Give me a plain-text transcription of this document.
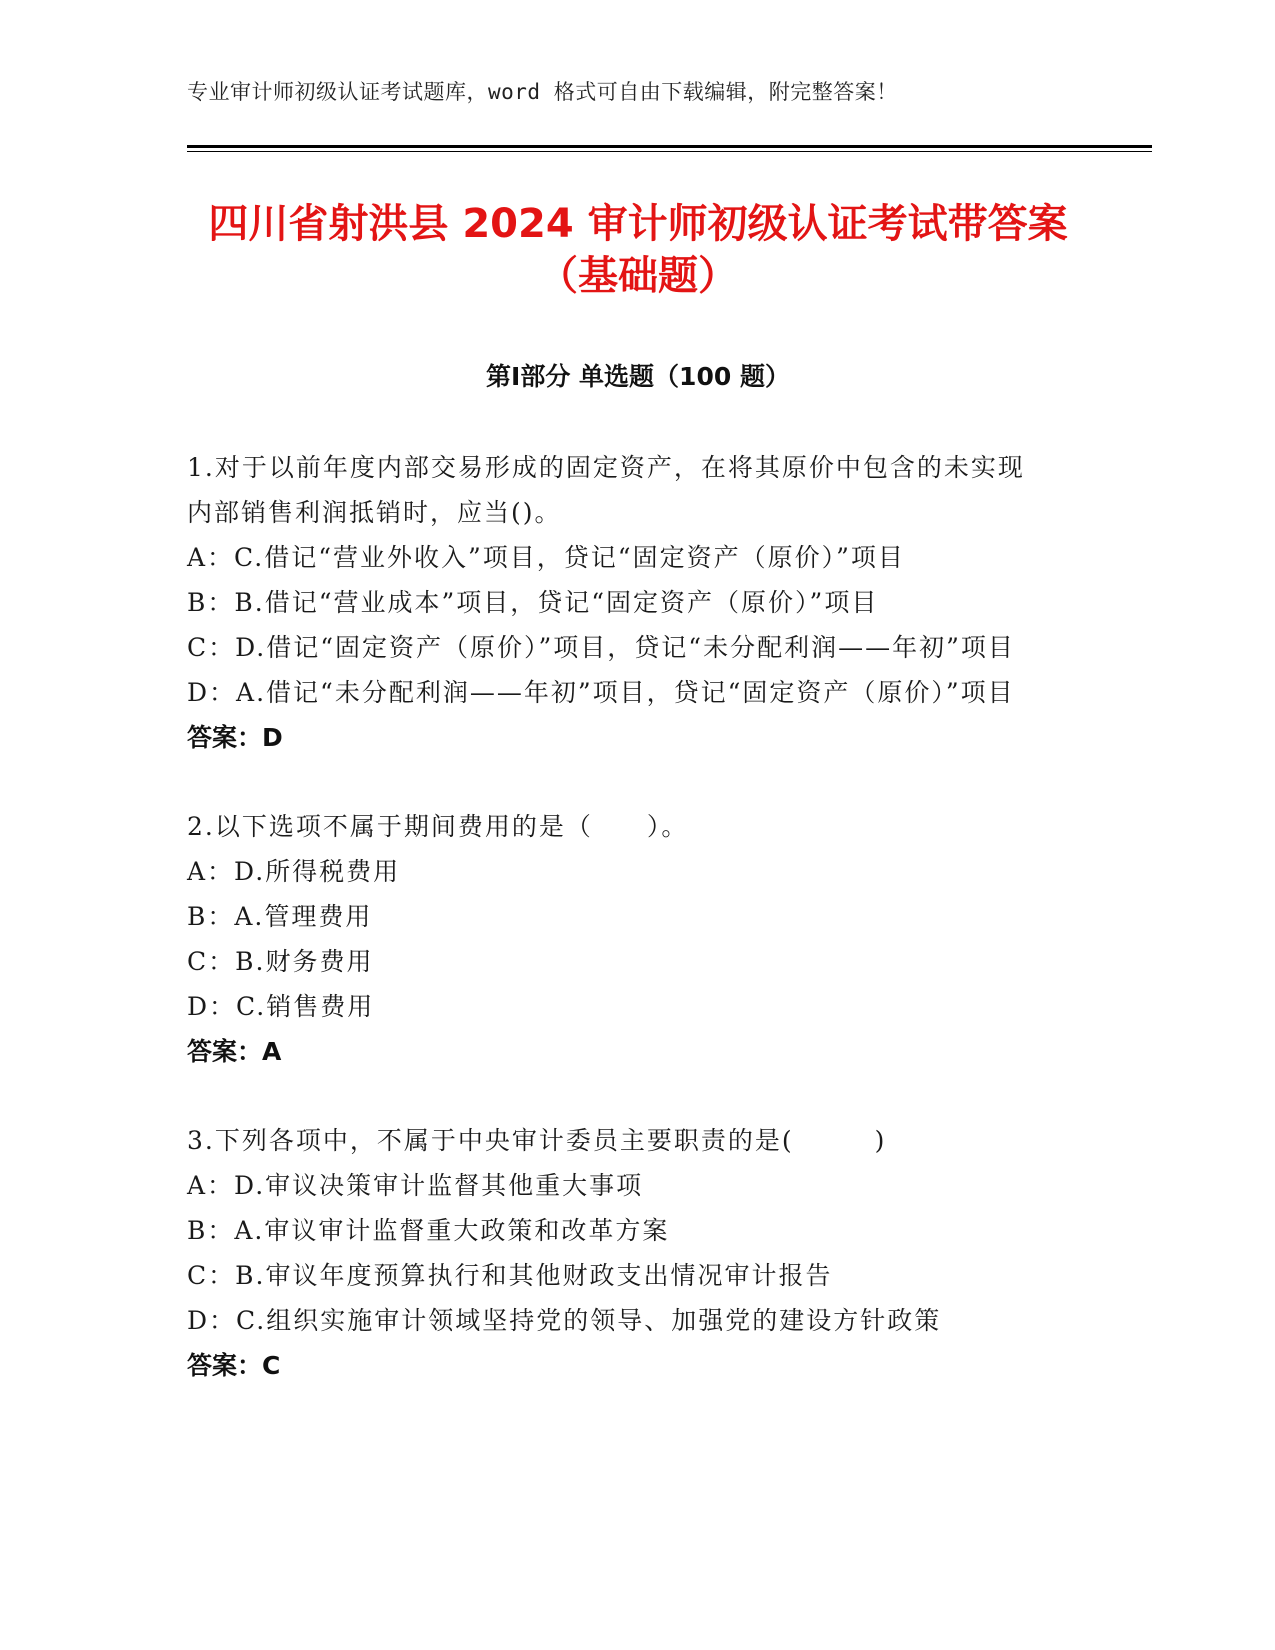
专业审计师初级认证考试题库，word 格式可自由下载编辑，附完整答案！
四川省射洪县 2024 审计师初级认证考试带答案（基础题）
第Ⅰ部分 单选题（100 题）
1.对于以前年度内部交易形成的固定资产，在将其原价中包含的未实现内部销售利润抵销时，应当()。
A：C.借记“营业外收入”项目，贷记“固定资产（原价）”项目
B：B.借记“营业成本”项目，贷记“固定资产（原价）”项目
C：D.借记“固定资产（原价）”项目，贷记“未分配利润——年初”项目
D：A.借记“未分配利润——年初”项目，贷记“固定资产（原价）”项目
答案：D
2.以下选项不属于期间费用的是（　　）。
A：D.所得税费用
B：A.管理费用
C：B.财务费用
D：C.销售费用
答案：A
3.下列各项中，不属于中央审计委员主要职责的是(　　　)
A：D.审议决策审计监督其他重大事项
B：A.审议审计监督重大政策和改革方案
C：B.审议年度预算执行和其他财政支出情况审计报告
D：C.组织实施审计领域坚持党的领导、加强党的建设方针政策
答案：C
